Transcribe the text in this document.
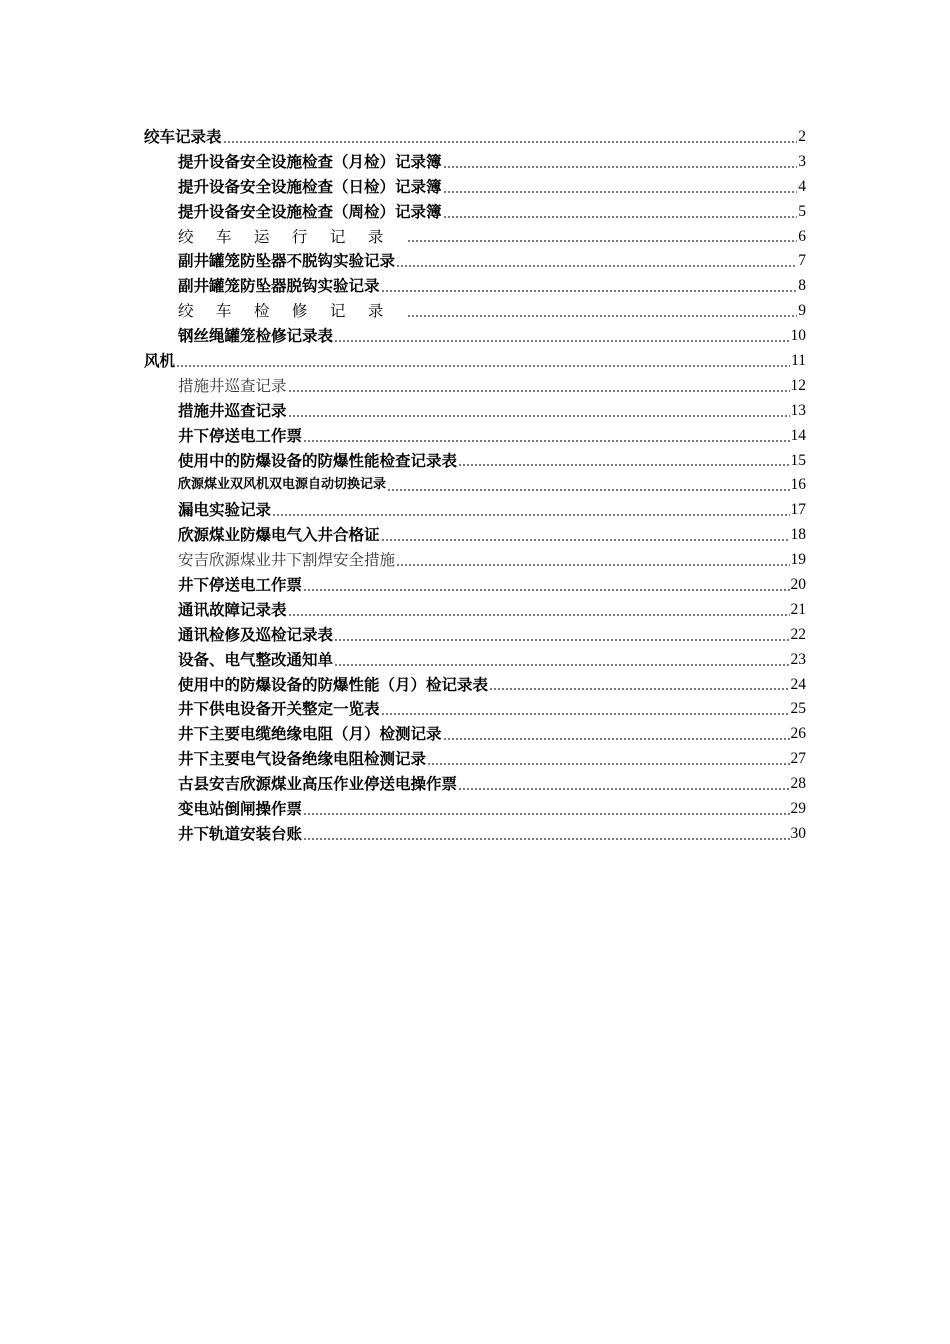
绞车记录表	2
提升设备安全设施检查（月检）记录簿	3
提升设备安全设施检查（日检）记录簿	4
提升设备安全设施检查（周检）记录簿	5
绞车运行记录	6
副井罐笼防坠器不脱钩实验记录	7
副井罐笼防坠器脱钩实验记录	8
绞车检修记录	9
钢丝绳罐笼检修记录表	10
风机	11
措施井巡查记录	12
措施井巡查记录	13
井下停送电工作票	14
使用中的防爆设备的防爆性能检查记录表	15
欣源煤业双风机双电源自动切换记录	16
漏电实验记录	17
欣源煤业防爆电气入井合格证	18
安吉欣源煤业井下割焊安全措施	19
井下停送电工作票	20
通讯故障记录表	21
通讯检修及巡检记录表	22
设备、电气整改通知单	23
使用中的防爆设备的防爆性能（月）检记录表	24
井下供电设备开关整定一览表	25
井下主要电缆绝缘电阻（月）检测记录	26
井下主要电气设备绝缘电阻检测记录	27
古县安吉欣源煤业高压作业停送电操作票	28
变电站倒闸操作票	29
井下轨道安装台账	30
